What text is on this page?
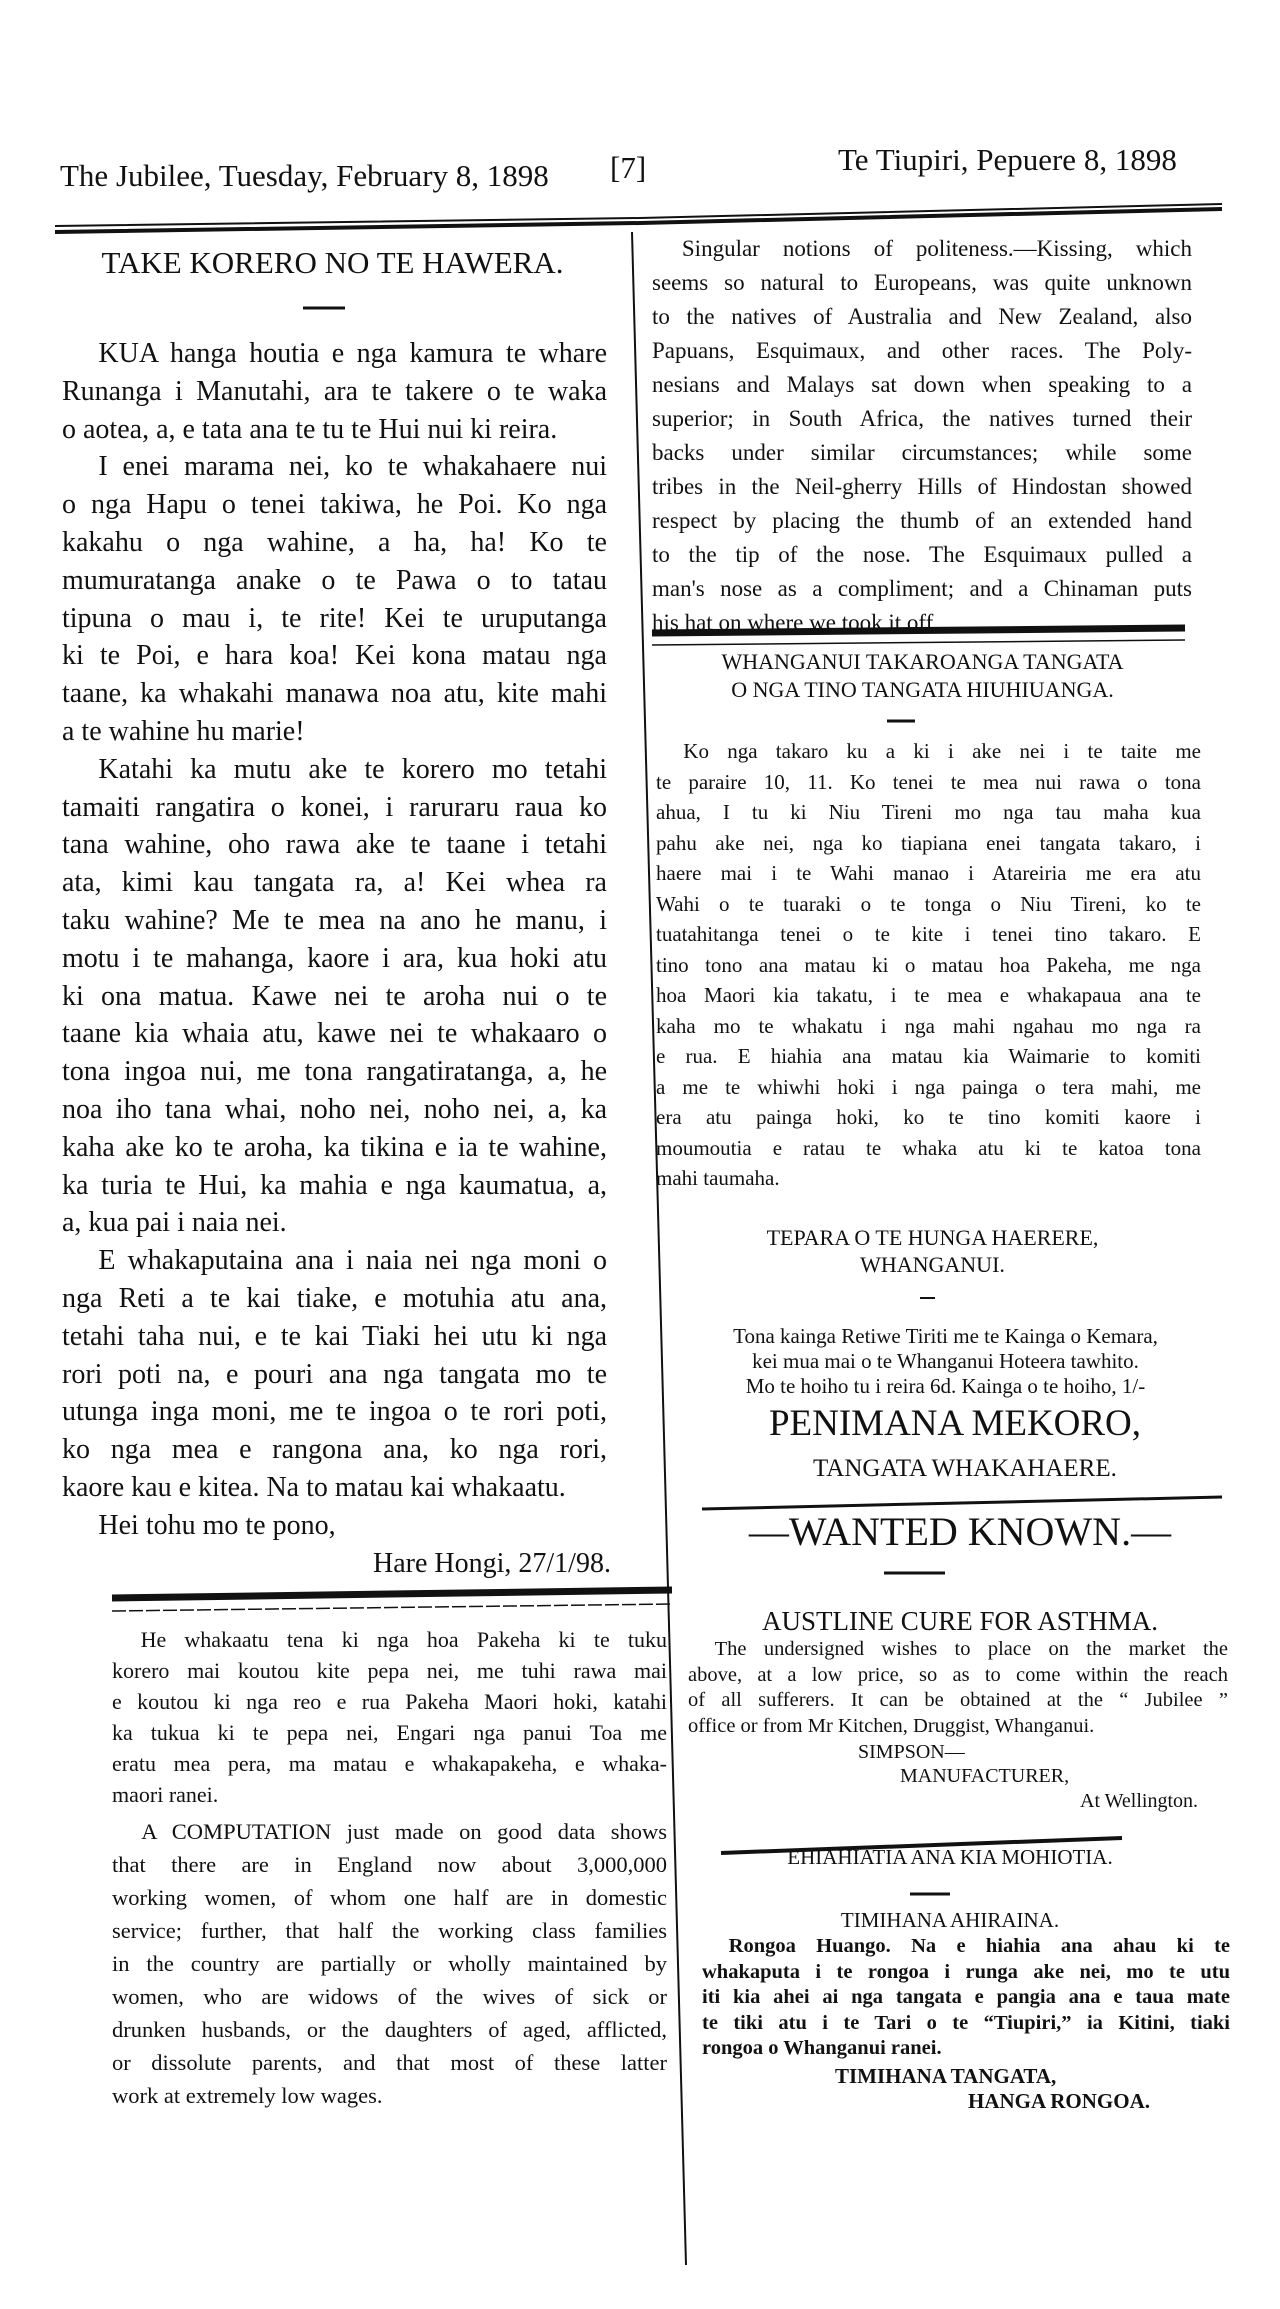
The Jubilee, Tuesday, February 8, 1898 [7]	Te Tiupiri, Pepuere 8, 1898
TAKE KORERO NO TE HAWERA.
KUA hanga houtia e nga kamura te whare
Runanga i Manutahi, ara te takere o te waka
o aotea, a, e tata ana te tu te Hui nui ki reira.
I enei marama nei, ko te whakahaere nui
o nga Hapu o tenei takiwa, he Poi. Ko nga
kakahu o nga wahine, a ha, ha! Ko te
mumuratanga anake o te Pawa o to tatau
tipuna o mau i, te rite! Kei te uruputanga
ki te Poi, e hara koa! Kei kona matau nga
taane, ka whakahi manawa noa atu, kite mahi
a te wahine hu marie!
Katahi ka mutu ake te korero mo tetahi
tamaiti rangatira o konei, i raruraru raua ko
tana wahine, oho rawa ake te taane i tetahi
ata, kimi kau tangata ra, a! Kei whea ra
taku wahine? Me te mea na ano he manu, i
motu i te mahanga, kaore i ara, kua hoki atu
ki ona matua. Kawe nei te aroha nui o te
taane kia whaia atu, kawe nei te whakaaro o
tona ingoa nui, me tona rangatiratanga, a, he
noa iho tana whai, noho nei, noho nei, a, ka
kaha ake ko te aroha, ka tikina e ia te wahine,
ka turia te Hui, ka mahia e nga kaumatua, a,
a, kua pai i naia nei.
E whakaputaina ana i naia nei nga moni o
nga Reti a te kai tiake, e motuhia atu ana,
tetahi taha nui, e te kai Tiaki hei utu ki nga
rori poti na, e pouri ana nga tangata mo te
utunga inga moni, me te ingoa o te rori poti,
ko nga mea e rangona ana, ko nga rori,
kaore kau e kitea. Na to matau kai whakaatu.
Hei tohu mo te pono,
Hare Hongi, 27/1/98.
He whakaatu tena ki nga hoa Pakeha ki te tuku
korero mai koutou kite pepa nei, me tuhi rawa mai
e koutou ki nga reo e rua Pakeha Maori hoki, katahi
ka tukua ki te pepa nei, Engari nga panui Toa me
eratu mea pera, ma matau e whakapakeha, e whaka-
maori ranei.
A COMPUTATION just made on good data shows
that there are in England now about 3,000,000
working women, of whom one half are in domestic
service; further, that half the working class families
in the country are partially or wholly maintained by
women, who are widows of the wives of sick or
drunken husbands, or the daughters of aged, afflicted,
or dissolute parents, and that most of these latter
work at extremely low wages.
Singular notions of politeness.—Kissing, which
seems so natural to Europeans, was quite unknown
to the natives of Australia and New Zealand, also
Papuans, Esquimaux, and other races. The Poly-
nesians and Malays sat down when speaking to a
superior; in South Africa, the natives turned their
backs under similar circumstances; while some
tribes in the Neil-gherry Hills of Hindostan showed
respect by placing the thumb of an extended hand
to the tip of the nose. The Esquimaux pulled a
man's nose as a compliment; and a Chinaman puts
his hat on where we took it off. . .
WHANGANUI TAKAROANGA TANGATA
O NGA TINO TANGATA HIUHIUANGA.
Ko nga takaro ku a ki i ake nei i te taite me
te paraire 10, 11. Ko tenei te mea nui rawa o tona
ahua, I tu ki Niu Tireni mo nga tau maha kua
pahu ake nei, nga ko tiapiana enei tangata takaro, i
haere mai i te Wahi manao i Atareiria me era atu
Wahi o te tuaraki o te tonga o Niu Tireni, ko te
tuatahitanga tenei o te kite i tenei tino takaro. E
tino tono ana matau ki o matau hoa Pakeha, me nga
hoa Maori kia takatu, i te mea e whakapaua ana te
kaha mo te whakatu i nga mahi ngahau mo nga ra
e rua. E hiahia ana matau kia Waimarie to komiti
a me te whiwhi hoki i nga painga o tera mahi, me
era atu painga hoki, ko te tino komiti kaore i
moumoutia e ratau te whaka atu ki te katoa tona
mahi taumaha.
TEPARA O TE HUNGA HAERERE,
WHANGANUI.
Tona kainga Retiwe Tiriti me te Kainga o Kemara,
kei mua mai o te Whanganui Hoteera tawhito.
Mo te hoiho tu i reira 6d. Kainga o te hoiho, 1/-
PENIMANA MEKORO,
TANGATA WHAKAHAERE.
—WANTED KNOWN.—
AUSTLINE CURE FOR ASTHMA.
The undersigned wishes to place on the market the
above, at a low price, so as to come within the reach
of all sufferers. It can be obtained at the “ Jubilee ”
office or from Mr Kitchen, Druggist, Whanganui.
SIMPSON—
MANUFACTURER,
At Wellington.
EHIAHIATIA ANA KIA MOHIOTIA.
TIMIHANA AHIRAINA.
Rongoa Huango. Na e hiahia ana ahau ki te
whakaputa i te rongoa i runga ake nei, mo te utu
iti kia ahei ai nga tangata e pangia ana e taua mate
te tiki atu i te Tari o te “Tiupiri,” ia Kitini, tiaki
rongoa o Whanganui ranei.
TIMIHANA TANGATA,
HANGA RONGOA.
